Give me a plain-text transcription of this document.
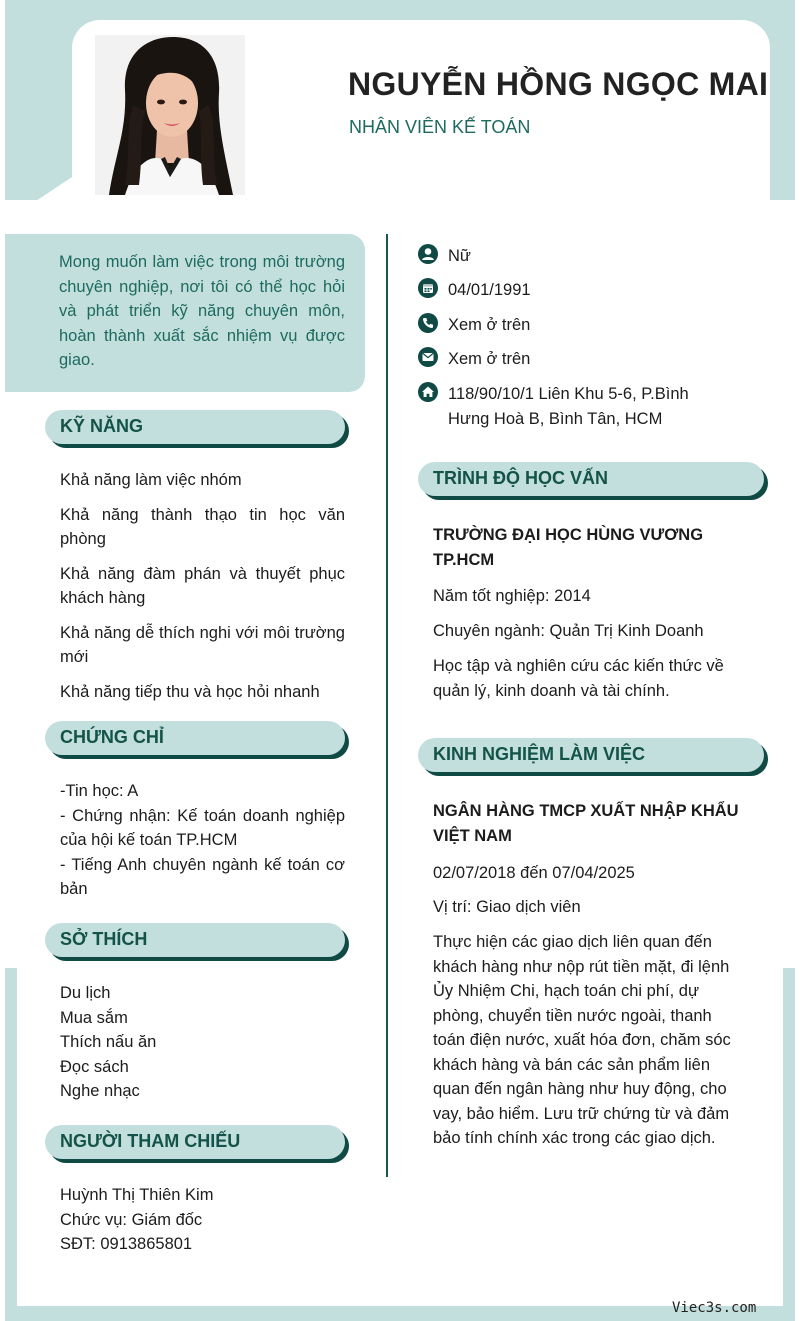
NGUYỄN HỒNG NGỌC MAI
NHÂN VIÊN KẾ TOÁN

Mong muốn làm việc trong môi trường chuyên nghiệp, nơi tôi có thể học hỏi và phát triển kỹ năng chuyên môn, hoàn thành xuất sắc nhiệm vụ được giao.

Nữ
04/01/1991
Xem ở trên
Xem ở trên
118/90/10/1 Liên Khu 5-6, P.Bình
Hưng Hoà B, Bình Tân, HCM
KỸ NĂNG
Khả năng làm việc nhóm
Khả năng thành thạo tin học văn phòng
Khả năng đàm phán và thuyết phục khách hàng
Khả năng dễ thích nghi với môi trường mới
Khả năng tiếp thu và học hỏi nhanh
CHỨNG CHỈ
-Tin học: A
- Chứng nhận: Kế toán doanh nghiệp của hội kế toán TP.HCM
- Tiếng Anh chuyên ngành kế toán cơ bản
SỞ THÍCH
Du lịch
Mua sắm
Thích nấu ăn
Đọc sách
Nghe nhạc
NGƯỜI THAM CHIẾU
Huỳnh Thị Thiên Kim
Chức vụ: Giám đốc
SĐT: 0913865801
TRÌNH ĐỘ HỌC VẤN
TRƯỜNG ĐẠI HỌC HÙNG VƯƠNG TP.HCM
Năm tốt nghiệp: 2014
Chuyên ngành: Quản Trị Kinh Doanh
Học tập và nghiên cứu các kiến thức về quản lý, kinh doanh và tài chính.
KINH NGHIỆM LÀM VIỆC
NGÂN HÀNG TMCP XUẤT NHẬP KHẨU VIỆT NAM
02/07/2018 đến 07/04/2025
Vị trí: Giao dịch viên
Thực hiện các giao dịch liên quan đến khách hàng như nộp rút tiền mặt, đi lệnh Ủy Nhiệm Chi, hạch toán chi phí, dự phòng, chuyển tiền nước ngoài, thanh toán điện nước, xuất hóa đơn, chăm sóc khách hàng và bán các sản phẩm liên quan đến ngân hàng như huy động, cho vay, bảo hiểm. Lưu trữ chứng từ và đảm bảo tính chính xác trong các giao dịch.
Viec3s.com
